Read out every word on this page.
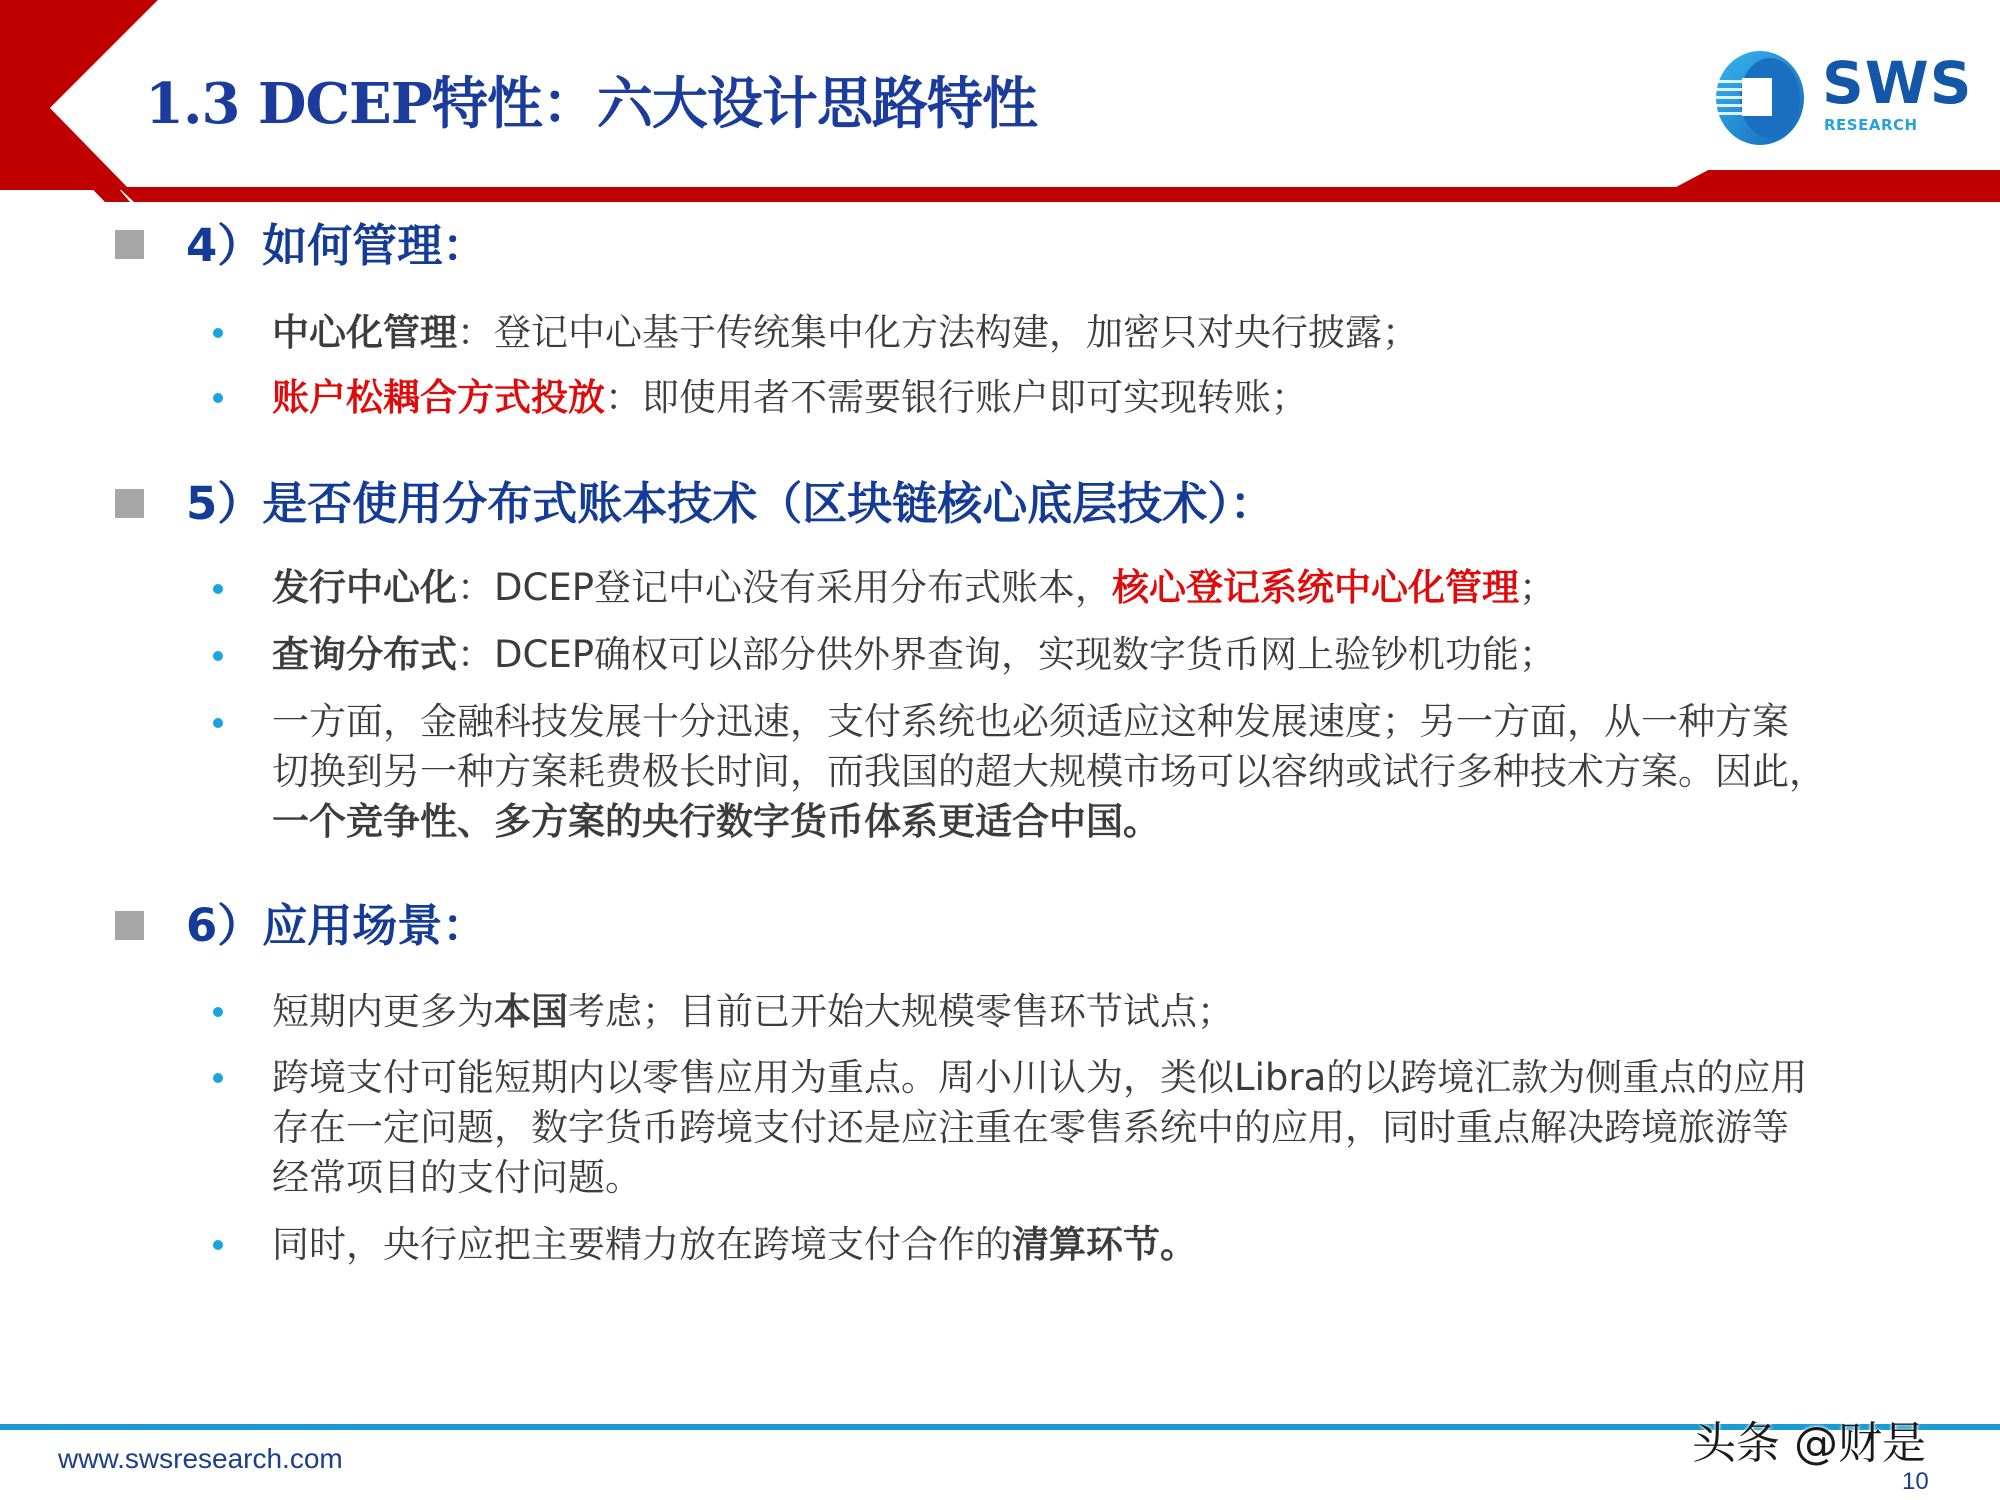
1.3 DCEP特性：六大设计思路特性	SWS
RESEARCH
4）如何管理：
中心化管理：登记中心基于传统集中化方法构建，加密只对央行披露；
账户松耦合方式投放：即使用者不需要银行账户即可实现转账；
5）是否使用分布式账本技术（区块链核心底层技术）：
发行中心化：DCEP登记中心没有采用分布式账本，核心登记系统中心化管理；
查询分布式：DCEP确权可以部分供外界查询，实现数字货币网上验钞机功能；
一方面，金融科技发展十分迅速，支付系统也必须适应这种发展速度；另一方面，从一种方案
切换到另一种方案耗费极长时间，而我国的超大规模市场可以容纳或试行多种技术方案。因此，
一个竞争性、多方案的央行数字货币体系更适合中国。
6）应用场景：
短期内更多为本国考虑；目前已开始大规模零售环节试点；
跨境支付可能短期内以零售应用为重点。周小川认为，类似Libra的以跨境汇款为侧重点的应用
存在一定问题，数字货币跨境支付还是应注重在零售系统中的应用，同时重点解决跨境旅游等
经常项目的支付问题。
同时，央行应把主要精力放在跨境支付合作的清算环节。
www.swsresearch.com
10
头条 @财是
